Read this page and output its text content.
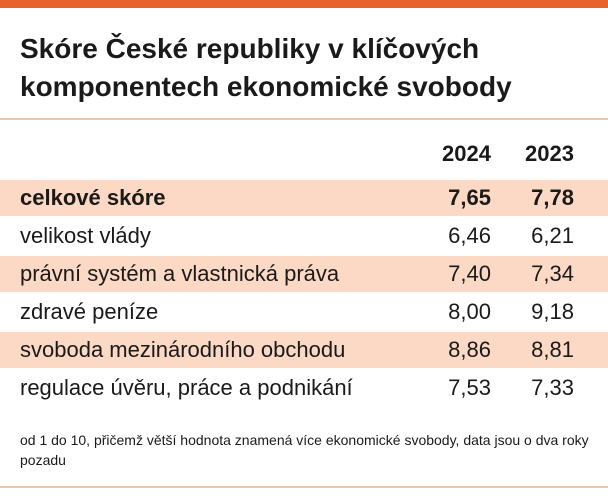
Skóre České republiky v klíčových komponentech ekonomické svobody
2024 2023
celkové skóre	7,65 7,78
velikost vlády	6,46 6,21
právní systém a vlastnická práva	7,40 7,34
zdravé peníze	8,00 9,18
svoboda mezinárodního obchodu	8,86 8,81
regulace úvěru, práce a podnikání	7,53 7,33
od 1 do 10, přičemž větší hodnota znamená více ekonomické svobody, data jsou o dva roky pozadu
